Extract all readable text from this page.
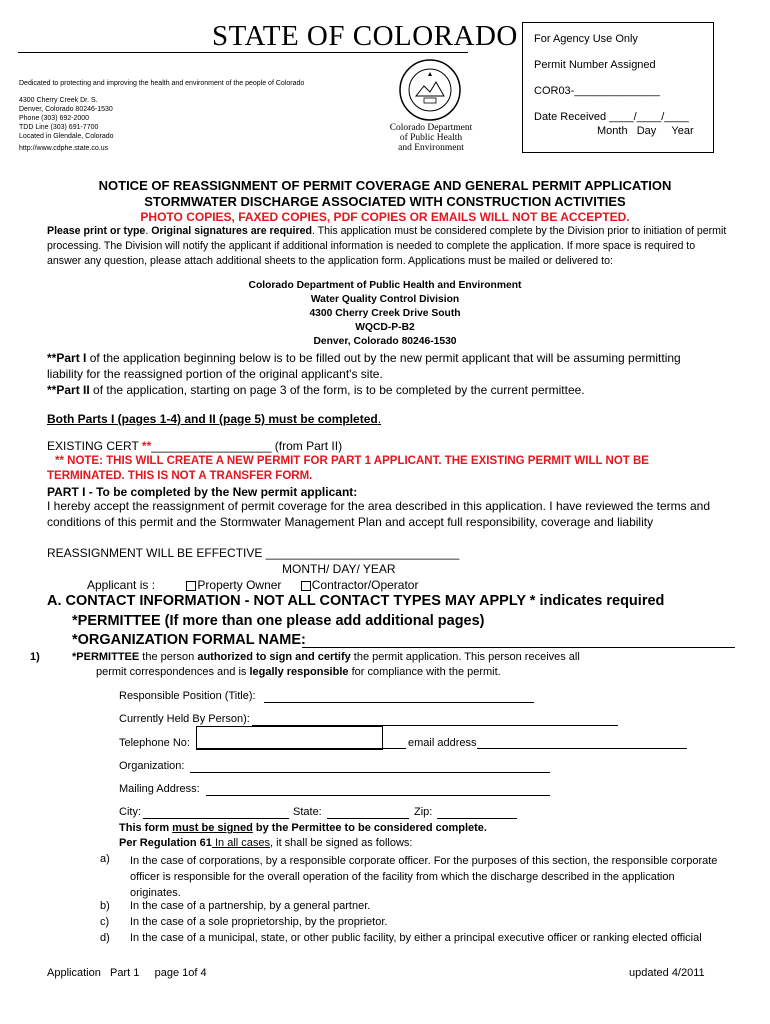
STATE OF COLORADO
Dedicated to protecting and improving the health and environment of the people of Colorado
4300 Cherry Creek Dr. S.
Denver, Colorado 80246-1530
Phone (303) 692-2000
TDD Line (303) 691-7700
Located in Glendale, Colorado
http://www.cdphe.state.co.us
Colorado Department
of Public Health
and Environment
For Agency Use Only
Permit Number Assigned
COR03-______________
Date Received ____/____/____
Month   Day     Year
NOTICE OF REASSIGNMENT OF PERMIT COVERAGE AND GENERAL PERMIT APPLICATION
STORMWATER DISCHARGE ASSOCIATED WITH CONSTRUCTION ACTIVITIES
PHOTO COPIES, FAXED COPIES, PDF COPIES OR EMAILS WILL NOT BE ACCEPTED.
Please print or type. Original signatures are required. This application must be considered complete by the Division prior to initiation of permit processing. The Division will notify the applicant if additional information is needed to complete the application. If more space is required to answer any question, please attach additional sheets to the application form. Applications must be mailed or delivered to:
Colorado Department of Public Health and Environment
Water Quality Control Division
4300 Cherry Creek Drive South
WQCD-P-B2
Denver, Colorado 80246-1530
**Part I of the application beginning below is to be filled out by the new permit applicant that will be assuming permitting liability for the reassigned portion of the original applicant's site.
**Part II of the application, starting on page 3 of the form, is to be completed by the current permittee.
Both Parts I (pages 1-4) and II (page 5) must be completed.
EXISTING CERT **__________________ (from Part II)
** NOTE: THIS WILL CREATE A NEW PERMIT FOR PART 1 APPLICANT. THE EXISTING PERMIT WILL NOT BE TERMINATED. THIS IS NOT A TRANSFER FORM.
PART I - To be completed by the New permit applicant:
I hereby accept the reassignment of permit coverage for the area described in this application. I have reviewed the terms and conditions of this permit and the Stormwater Management Plan and accept full responsibility, coverage and liability
REASSIGNMENT WILL BE EFFECTIVE _____________________________
MONTH/ DAY/ YEAR
Applicant is :	Property Owner	Contractor/Operator
A. CONTACT INFORMATION - NOT ALL CONTACT TYPES MAY APPLY * indicates required
*PERMITTEE (If more than one please add additional pages)
*ORGANIZATION FORMAL NAME:
1)	*PERMITTEE the person authorized to sign and certify the permit application. This person receives all
permit correspondences and is legally responsible for compliance with the permit.
Responsible Position (Title):
Currently Held By Person):
Telephone No:	email address
Organization:
Mailing Address:
City:	State:	Zip:
This form must be signed by the Permittee to be considered complete.
Per Regulation 61 In all cases, it shall be signed as follows:
a) In the case of corporations, by a responsible corporate officer. For the purposes of this section, the responsible corporate officer is responsible for the overall operation of the facility from which the discharge described in the application originates.
b) In the case of a partnership, by a general partner.
c) In the case of a sole proprietorship, by the proprietor.
d) In the case of a municipal, state, or other public facility, by either a principal executive officer or ranking elected official
Application   Part 1     page 1of 4	updated 4/2011
